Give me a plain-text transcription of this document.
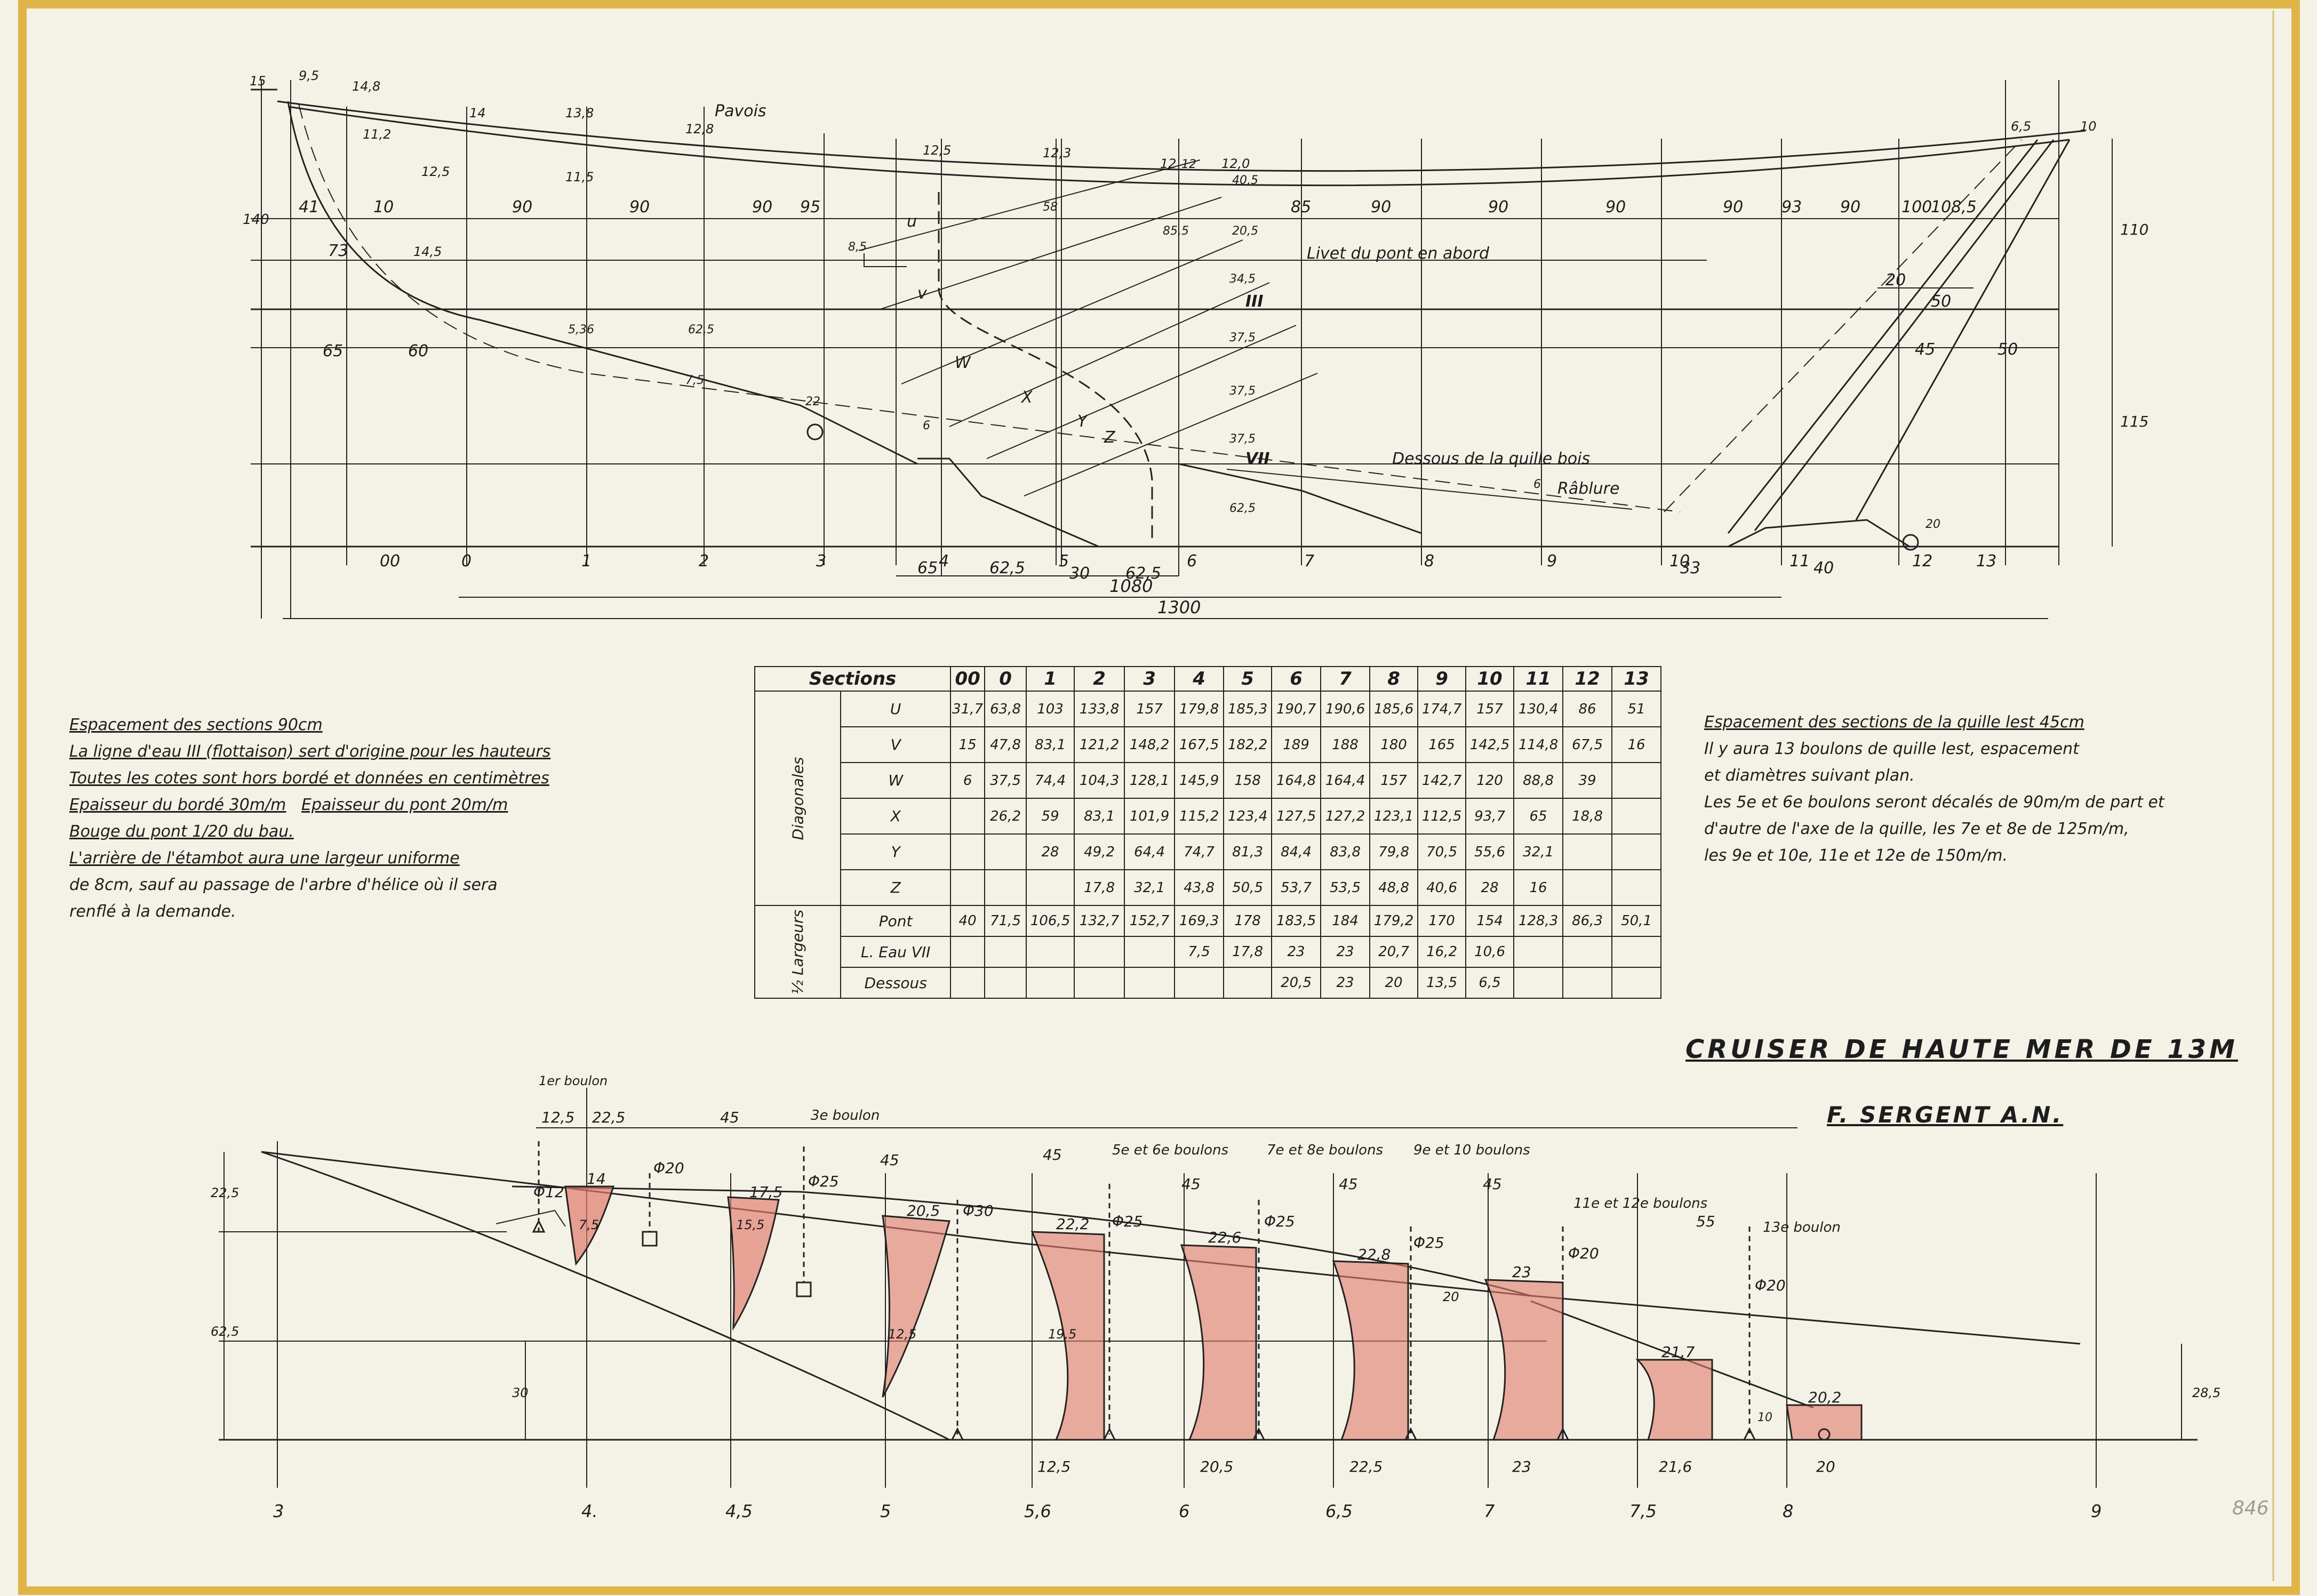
Pavois
Livet du pont en abord
Dessous de la quille bois
Râblure
u
v
W
X
Y
Z
III
VII
41	10	90	90	90 95	85	90	90	90	90 93 90	100
108,5
15	9,5
14,8
11,2
12,5
14	13,8
11,5
12,8
12,5	12,3
12	12,0
6,5	10
140
73	14,5
65	60
8,5
5,36	62,5
7,5
22
6
58
85,5
12
40,5
20,5
34,5
37,5
37,5
37,5
62,5
6
20
50
45	50
110
115
20
65	62,5	30 62,5	33	40
1080
1300
00	0	1	2	3	4	5	6	7	8	9	10	11	12	13
1er boulon
3e boulon
5e et 6e boulons	7e et 8e boulons 9e et 10 boulons
11e et 12e boulons
13e boulon
12,5 22,5	45
45	45
45	45	45
55
Φ12
Φ20
Φ25
Φ30
Φ25	Φ25
Φ25
Φ20
Φ20
14
17,5
20,5
22,2
22,6
22,8
23
21,7
20,2
7,5	15,5
12,5	19,5
12,5	20,5	22,5	23	21,6	20
22,5
62,5
30
20
10
28,5
3	4.	4,5	5	5,6	6	6,5	7	7,5	8	9

Espacement des sections 90cm

La ligne d'eau III (flottaison) sert d'origine pour les hauteurs

Toutes les cotes sont hors bordé et données en centimètres

Epaisseur du bordé 30m/m Epaisseur du pont 20m/m

Bouge du pont 1/20 du bau.

L'arrière de l'étambot aura une largeur uniforme

de 8cm, sauf au passage de l'arbre d'hélice où il sera

renflé à la demande.

Espacement des sections de la quille lest 45cm

Il y aura 13 boulons de quille lest, espacement

et diamètres suivant plan.

Les 5e et 6e boulons seront décalés de 90m/m de part et

d'autre de l'axe de la quille, les 7e et 8e de 125m/m,

les 9e et 10e, 11e et 12e de 150m/m.

CRUISER DE HAUTE MER DE 13M

F. SERGENT A.N.

Sections		00	0	1	2	3	4	5	6	7	8	9	10	11	12	13
Diagonales	U	31,7	63,8	103	133,8	157	179,8	185,3	190,7	190,6	185,6	174,7	157	130,4	86	51
	V	15	47,8	83,1	121,2	148,2	167,5	182,2	189	188	180	165	142,5	114,8	67,5	16
	W	6	37,5	74,4	104,3	128,1	145,9	158	164,8	164,4	157	142,7	120	88,8	39	
	X		26,2	59	83,1	101,9	115,2	123,4	127,5	127,2	123,1	112,5	93,7	65	18,8	
	Y			28	49,2	64,4	74,7	81,3	84,4	83,8	79,8	70,5	55,6	32,1		
	Z				17,8	32,1	43,8	50,5	53,7	53,5	48,8	40,6	28	16		
½ Largeurs	Pont	40	71,5	106,5	132,7	152,7	169,3	178	183,5	184	179,2	170	154	128,3	86,3	50,1
	L. Eau VII						7,5	17,8	23	23	20,7	16,2	10,6			
	Dessous								20,5	23	20	13,5	6,5			
846
